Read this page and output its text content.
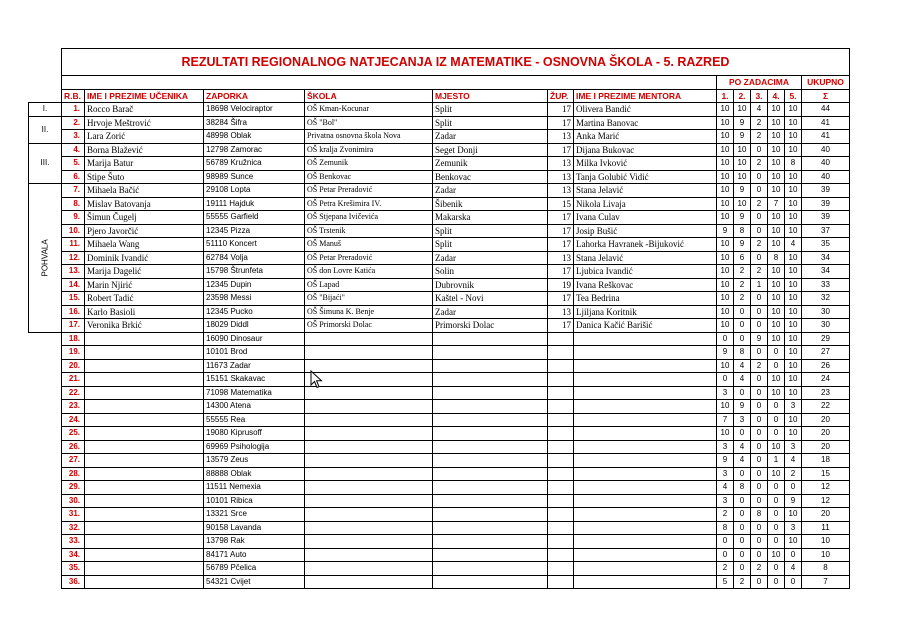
	REZULTATI REGIONALNOG NATJECANJA IZ MATEMATIKE - OSNOVNA ŠKOLA - 5. RAZRED												
								PO ZADACIMA					UKUPNO
	R.B.	IME I PREZIME UČENIKA	ZAPORKA	ŠKOLA	MJESTO	ŽUP.	IME I PREZIME MENTORA	1.	2.	3.	4.	5.	Σ
I.	1.	Rocco Barač	18698 Velociraptor	OŠ Kman-Kocunar	Split	17	Olivera Bandić	10	10	4	10	10	44
II.	2.	Hrvoje Meštrović	38284 Šifra	OŠ "Bol"	Split	17	Martina Banovac	10	9	2	10	10	41
	3.	Lara Zorić	48998 Oblak	Privatna osnovna škola Nova	Zadar	13	Anka Marić	10	9	2	10	10	41
III.	4.	Borna Blažević	12798 Zamorac	OŠ kralja Zvonimira	Seget Donji	17	Dijana Bukovac	10	10	0	10	10	40
	5.	Marija Batur	56789 Kružnica	OŠ Zemunik	Zemunik	13	Milka Ivković	10	10	2	10	8	40
	6.	Stipe Šuto	98989 Sunce	OŠ Benkovac	Benkovac	13	Tanja Golubić Vidić	10	10	0	10	10	40
POHVALA	7.	Mihaela Bačić	29108 Lopta	OŠ Petar Preradović	Zadar	13	Stana Jelavić	10	9	0	10	10	39
	8.	Mislav Batovanja	19111 Hajduk	OŠ Petra Krešimira IV.	Šibenik	15	Nikola Livaja	10	10	2	7	10	39
	9.	Šimun Čugelj	55555 Garfield	OŠ Stjepana Ivičevića	Makarska	17	Ivana Culav	10	9	0	10	10	39
	10.	Pjero Javorčić	12345 Pizza	OŠ Trstenik	Split	17	Josip Bušić	9	8	0	10	10	37
	11.	Mihaela Wang	51110 Koncert	OŠ Manuš	Split	17	Lahorka Havranek -Bijuković	10	9	2	10	4	35
	12.	Dominik Ivandić	62784 Volja	OŠ Petar Preradović	Zadar	13	Stana Jelavić	10	6	0	8	10	34
	13.	Marija Dagelić	15798 Štrunfeta	OŠ don Lovre Katića	Solin	17	Ljubica Ivandić	10	2	2	10	10	34
	14.	Marin Njirić	12345 Dupin	OŠ Lapad	Dubrovnik	19	Ivana Reškovac	10	2	1	10	10	33
	15.	Robert Tadić	23598 Messi	OŠ "Bijaći"	Kaštel - Novi	17	Tea Bedrina	10	2	0	10	10	32
	16.	Karlo Basioli	12345 Pucko	OŠ Šimuna K. Benje	Zadar	13	Ljiljana Koritnik	10	0	0	10	10	30
	17.	Veronika Brkić	18029 Diddl	OŠ Primorski Dolac	Primorski Dolac	17	Danica Kačić Barišić	10	0	0	10	10	30
	18.		16090 Dinosaur					0	0	9	10	10	29
	19.		10101 Brod					9	8	0	0	10	27
	20.		11673 Zadar					10	4	2	0	10	26
	21.		15151 Skakavac					0	4	0	10	10	24
	22.		71098 Matematika					3	0	0	10	10	23
	23.		14300 Atena					10	9	0	0	3	22
	24.		55555 Rea					7	3	0	0	10	20
	25.		19080 Kiprusoff					10	0	0	0	10	20
	26.		69969 Psihologija					3	4	0	10	3	20
	27.		13579 Zeus					9	4	0	1	4	18
	28.		88888 Oblak					3	0	0	10	2	15
	29.		11511 Nemexia					4	8	0	0	0	12
	30.		10101 Ribica					3	0	0	0	9	12
	31.		13321 Srce					2	0	8	0	10	20
	32.		90158 Lavanda					8	0	0	0	3	11
	33.		13798 Rak					0	0	0	0	10	10
	34.		84171 Auto					0	0	0	10	0	10
	35.		56789 Pčelica					2	0	2	0	4	8
	36.		54321 Cvijet					5	2	0	0	0	7
